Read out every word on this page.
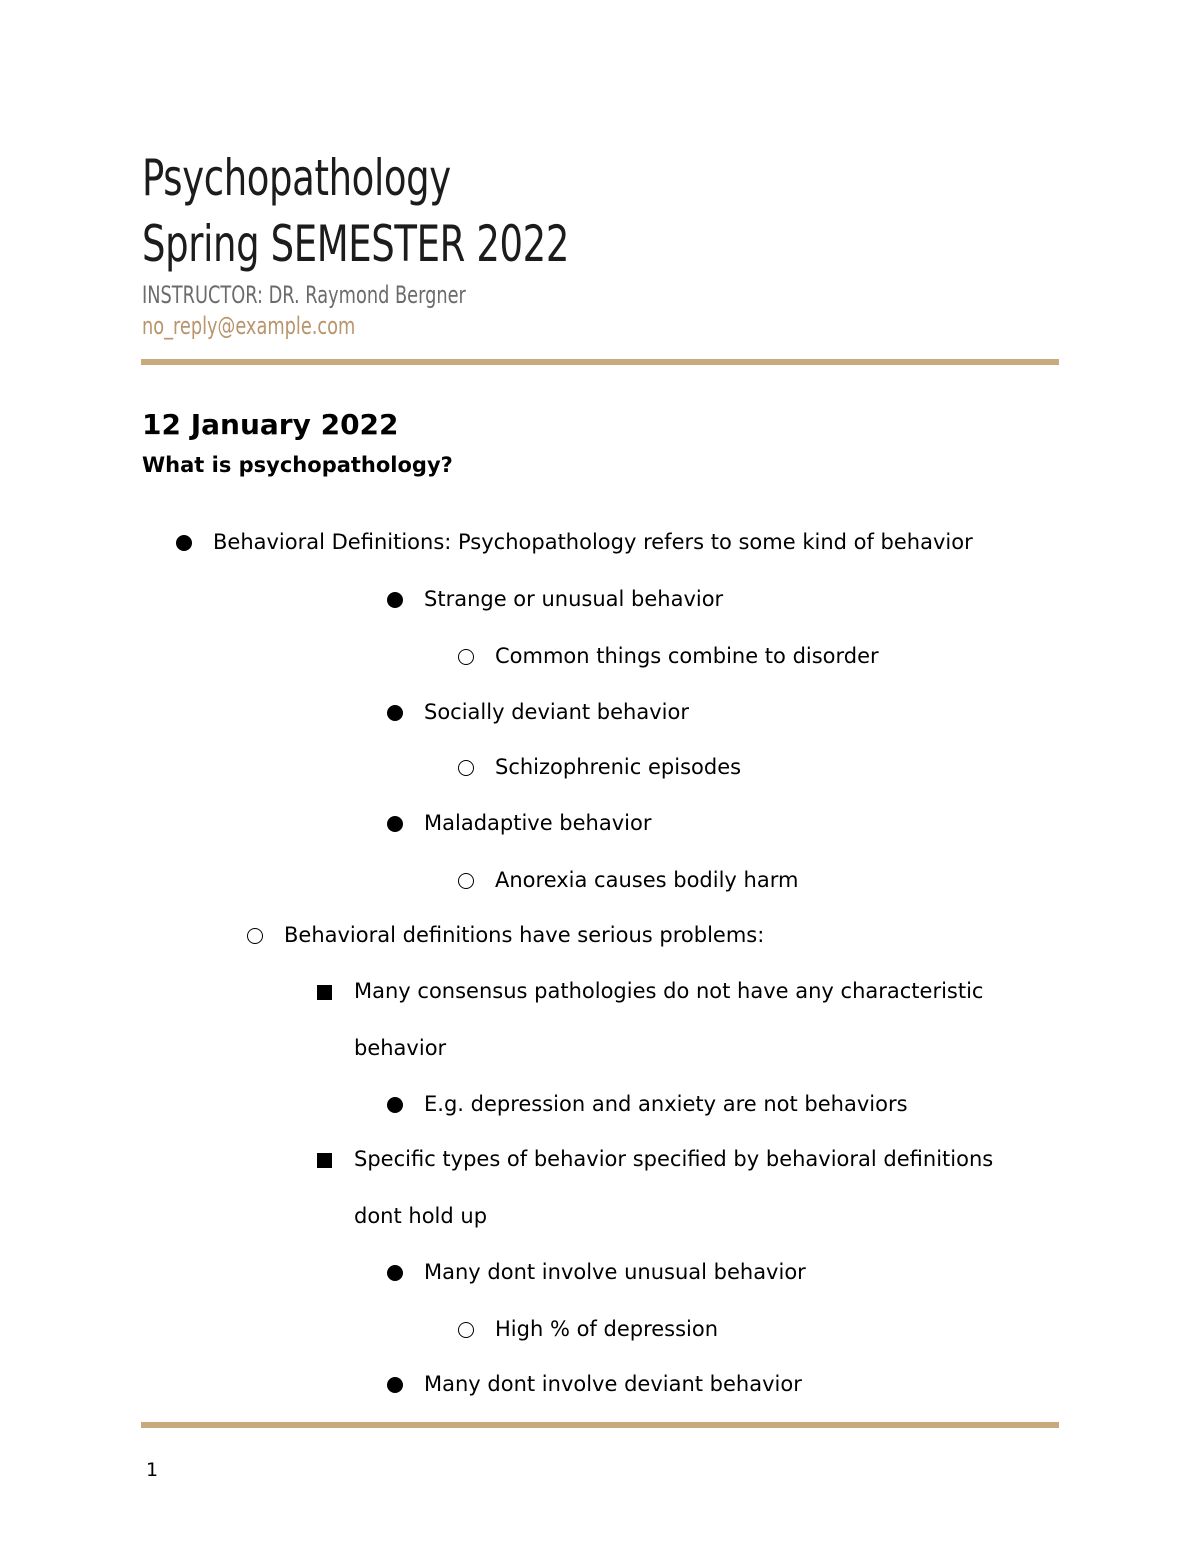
Psychopathology
Spring SEMESTER 2022
INSTRUCTOR: DR. Raymond Bergner
no_reply@example.com
12 January 2022
What is psychopathology?
Behavioral Definitions: Psychopathology refers to some kind of behavior
Strange or unusual behavior
Common things combine to disorder
Socially deviant behavior
Schizophrenic episodes
Maladaptive behavior
Anorexia causes bodily harm
Behavioral definitions have serious problems:
Many consensus pathologies do not have any characteristic
behavior
E.g. depression and anxiety are not behaviors
Specific types of behavior specified by behavioral definitions
dont hold up
Many dont involve unusual behavior
High % of depression
Many dont involve deviant behavior
1
